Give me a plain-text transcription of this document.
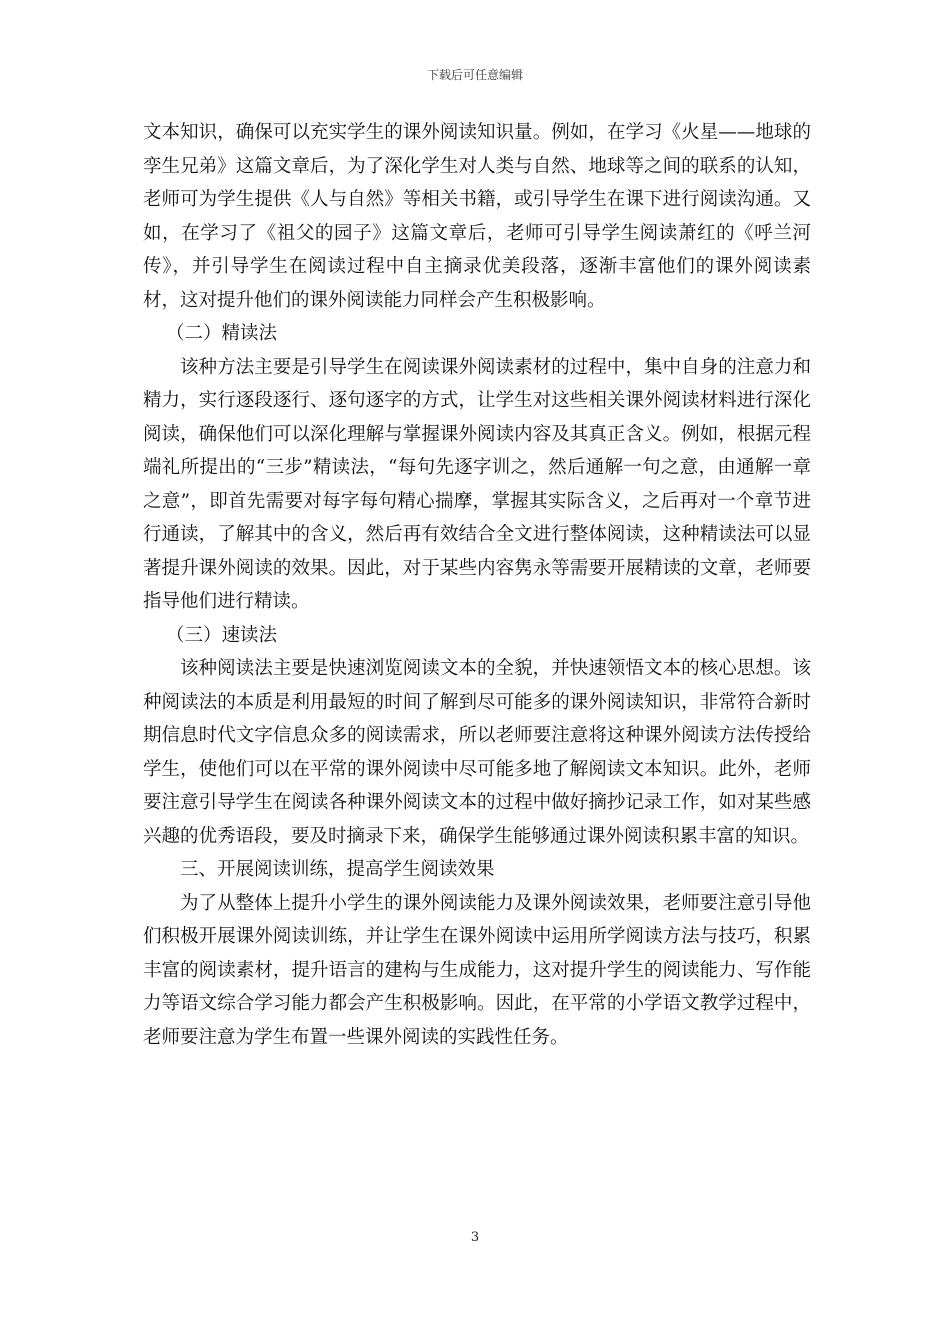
下载后可任意编辑

文本知识，确保可以充实学生的课外阅读知识量。例如，在学习《火星——地球的孪生兄弟》这篇文章后，为了深化学生对人类与自然、地球等之间的联系的认知，老师可为学生提供《人与自然》等相关书籍，或引导学生在课下进行阅读沟通。又如，在学习了《祖父的园子》这篇文章后，老师可引导学生阅读萧红的《呼兰河传》，并引导学生在阅读过程中自主摘录优美段落，逐渐丰富他们的课外阅读素材，这对提升他们的课外阅读能力同样会产生积极影响。

（二）精读法

该种方法主要是引导学生在阅读课外阅读素材的过程中，集中自身的注意力和精力，实行逐段逐行、逐句逐字的方式，让学生对这些相关课外阅读材料进行深化阅读，确保他们可以深化理解与掌握课外阅读内容及其真正含义。例如，根据元程端礼所提出的“三步”精读法，“每句先逐字训之，然后通解一句之意，由通解一章之意”，即首先需要对每字每句精心揣摩，掌握其实际含义，之后再对一个章节进行通读，了解其中的含义，然后再有效结合全文进行整体阅读，这种精读法可以显著提升课外阅读的效果。因此，对于某些内容隽永等需要开展精读的文章，老师要指导他们进行精读。

（三）速读法

该种阅读法主要是快速浏览阅读文本的全貌，并快速领悟文本的核心思想。该种阅读法的本质是利用最短的时间了解到尽可能多的课外阅读知识，非常符合新时期信息时代文字信息众多的阅读需求，所以老师要注意将这种课外阅读方法传授给学生，使他们可以在平常的课外阅读中尽可能多地了解阅读文本知识。此外，老师要注意引导学生在阅读各种课外阅读文本的过程中做好摘抄记录工作，如对某些感兴趣的优秀语段，要及时摘录下来，确保学生能够通过课外阅读积累丰富的知识。

三、开展阅读训练，提高学生阅读效果

为了从整体上提升小学生的课外阅读能力及课外阅读效果，老师要注意引导他们积极开展课外阅读训练，并让学生在课外阅读中运用所学阅读方法与技巧，积累丰富的阅读素材，提升语言的建构与生成能力，这对提升学生的阅读能力、写作能力等语文综合学习能力都会产生积极影响。因此，在平常的小学语文教学过程中，老师要注意为学生布置一些课外阅读的实践性任务。

3
